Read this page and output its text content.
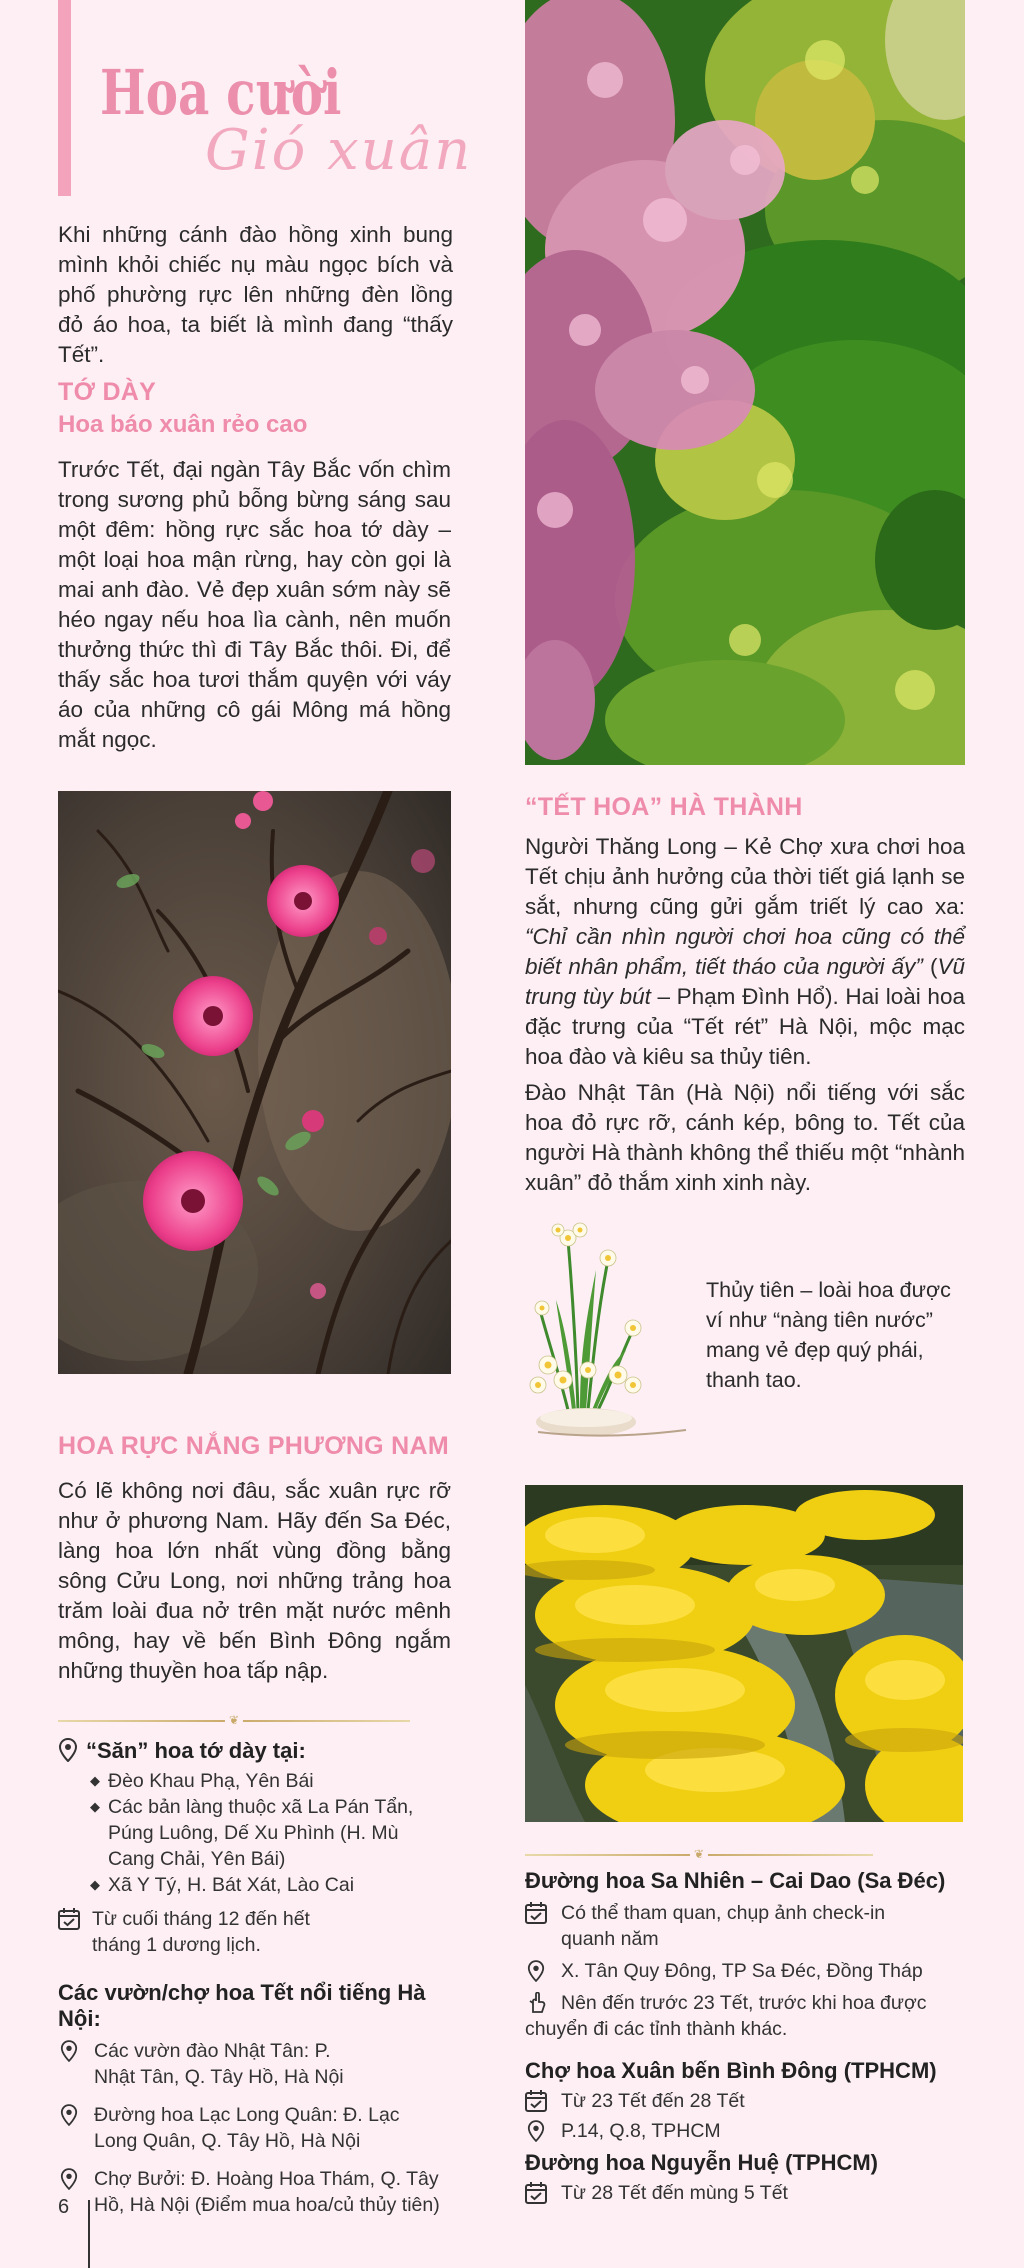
Hoa cười
Gió xuân

Khi những cánh đào hồng xinh bung mình khỏi chiếc nụ màu ngọc bích và phố phường rực lên những đèn lồng đỏ áo hoa, ta biết là mình đang “thấy Tết”.

TỚ DÀY
Hoa báo xuân rẻo cao

Trước Tết, đại ngàn Tây Bắc vốn chìm trong sương phủ bỗng bừng sáng sau một đêm: hồng rực sắc hoa tớ dày – một loại hoa mận rừng, hay còn gọi là mai anh đào. Vẻ đẹp xuân sớm này sẽ héo ngay nếu hoa lìa cành, nên muốn thưởng thức thì đi Tây Bắc thôi. Đi, để thấy sắc hoa tươi thắm quyện với váy áo của những cô gái Mông má hồng mắt ngọc.

HOA RỰC NẮNG PHƯƠNG NAM

Có lẽ không nơi đâu, sắc xuân rực rỡ như ở phương Nam. Hãy đến Sa Đéc, làng hoa lớn nhất vùng đồng bằng sông Cửu Long, nơi những trảng hoa trăm loài đua nở trên mặt nước mênh mông, hay về bến Bình Đông ngắm những thuyền hoa tấp nập.

❦
“Săn” hoa tớ dày tại:
◆ Đèo Khau Phạ, Yên Bái
◆ Các bản làng thuộc xã La Pán Tẩn, Púng Luông, Dế Xu Phình (H. Mù Cang Chải, Yên Bái)
◆ Xã Y Tý, H. Bát Xát, Lào Cai
Từ cuối tháng 12 đến hết tháng 1 dương lịch.
Các vườn/chợ hoa Tết nổi tiếng Hà Nội:
Các vườn đào Nhật Tân: P. Nhật Tân, Q. Tây Hồ, Hà Nội
Đường hoa Lạc Long Quân: Đ. Lạc Long Quân, Q. Tây Hồ, Hà Nội
Chợ Bưởi: Đ. Hoàng Hoa Thám, Q. Tây Hồ, Hà Nội (Điểm mua hoa/củ thủy tiên)
6
“TẾT HOA” HÀ THÀNH
Người Thăng Long – Kẻ Chợ xưa chơi hoa Tết chịu ảnh hưởng của thời tiết giá lạnh se sắt, nhưng cũng gửi gắm triết lý cao xa: “Chỉ cần nhìn người chơi hoa cũng có thể biết nhân phẩm, tiết tháo của người ấy” (Vũ trung tùy bút – Phạm Đình Hổ). Hai loài hoa đặc trưng của “Tết rét” Hà Nội, mộc mạc hoa đào và kiêu sa thủy tiên.

Đào Nhật Tân (Hà Nội) nổi tiếng với sắc hoa đỏ rực rỡ, cánh kép, bông to. Tết của người Hà thành không thể thiếu một “nhành xuân” đỏ thắm xinh xinh này.

Thủy tiên – loài hoa được ví như “nàng tiên nước” mang vẻ đẹp quý phái, thanh tao.

❦
Đường hoa Sa Nhiên – Cai Dao (Sa Đéc)
Có thể tham quan, chụp ảnh check-in quanh năm
X. Tân Quy Đông, TP Sa Đéc, Đồng Tháp
Nên đến trước 23 Tết, trước khi hoa được chuyển đi các tỉnh thành khác.
Chợ hoa Xuân bến Bình Đông (TPHCM)
Từ 23 Tết đến 28 Tết
P.14, Q.8, TPHCM
Đường hoa Nguyễn Huệ (TPHCM)
Từ 28 Tết đến mùng 5 Tết
